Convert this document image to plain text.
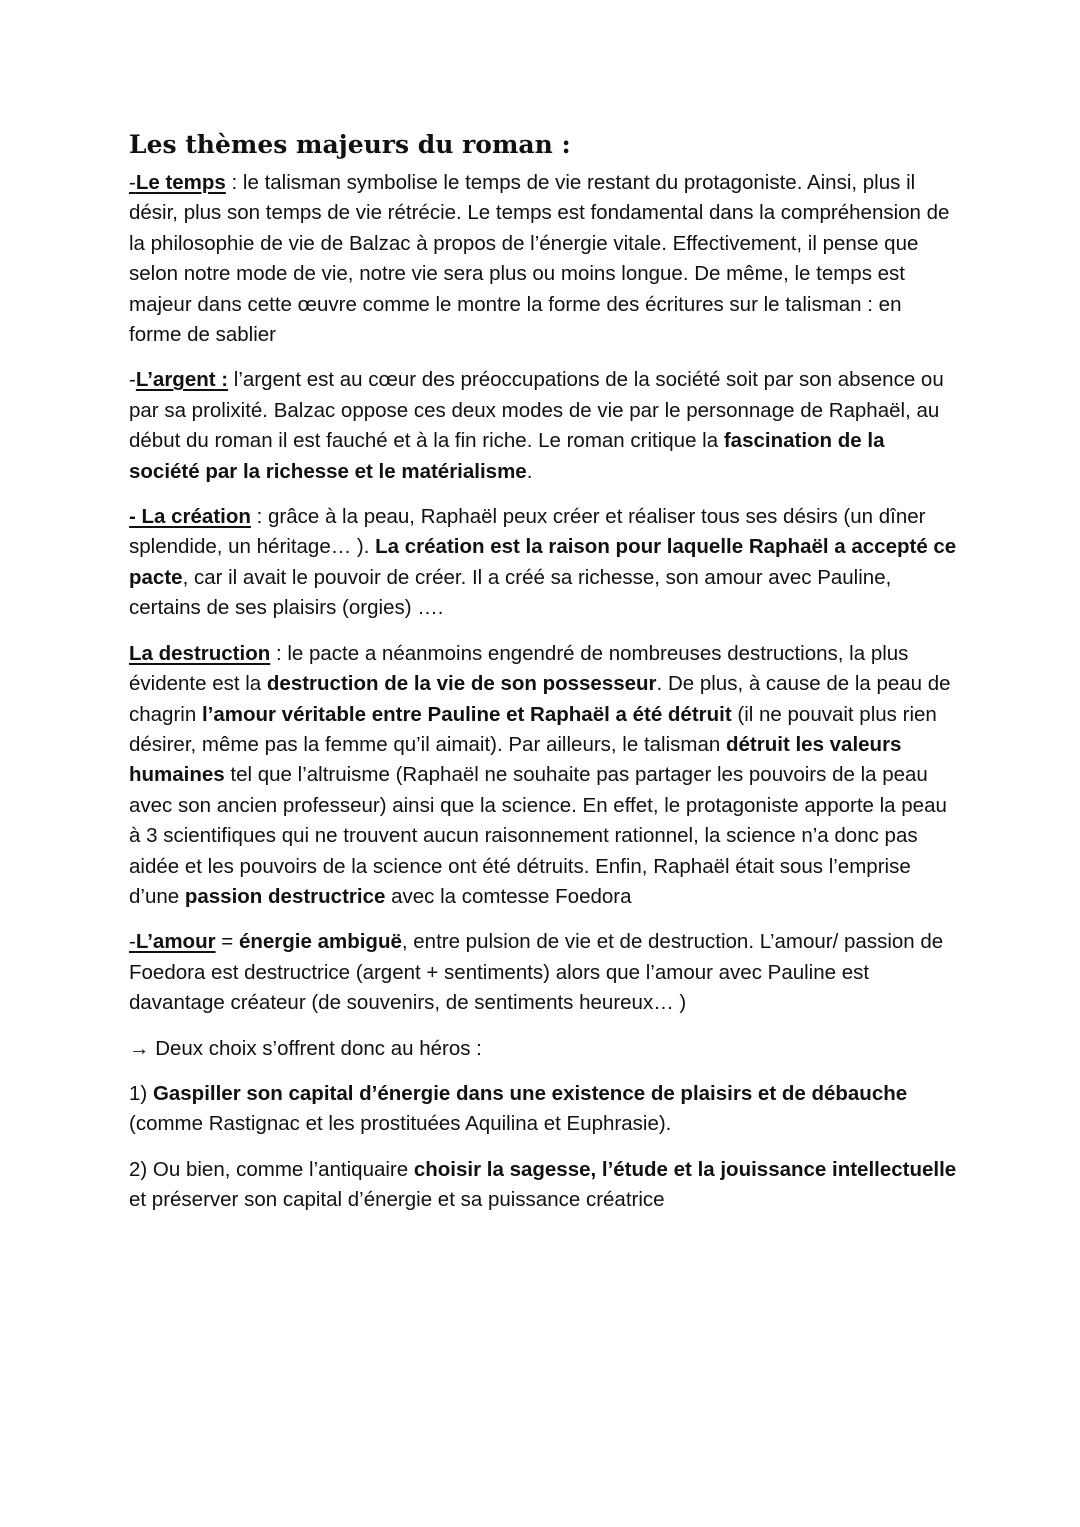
Les thèmes majeurs du roman :

-Le temps : le talisman symbolise le temps de vie restant du protagoniste. Ainsi, plus il désir, plus son temps de vie rétrécie. Le temps est fondamental dans la compréhension de la philosophie de vie de Balzac à propos de l’énergie vitale. Effectivement, il pense que selon notre mode de vie, notre vie sera plus ou moins longue. De même, le temps est majeur dans cette œuvre comme le montre la forme des écritures sur le talisman : en forme de sablier

-L’argent : l’argent est au cœur des préoccupations de la société soit par son absence ou par sa prolixité. Balzac oppose ces deux modes de vie par le personnage de Raphaël, au début du roman il est fauché et à la fin riche. Le roman critique la fascination de la société par la richesse et le matérialisme.

- La création : grâce à la peau, Raphaël peux créer et réaliser tous ses désirs (un dîner splendide, un héritage… ). La création est la raison pour laquelle Raphaël a accepté ce pacte, car il avait le pouvoir de créer. Il a créé sa richesse, son amour avec Pauline, certains de ses plaisirs (orgies) ….

La destruction : le pacte a néanmoins engendré de nombreuses destructions, la plus évidente est la destruction de la vie de son possesseur. De plus, à cause de la peau de chagrin l’amour véritable entre Pauline et Raphaël a été détruit (il ne pouvait plus rien désirer, même pas la femme qu’il aimait). Par ailleurs, le talisman détruit les valeurs humaines tel que l’altruisme (Raphaël ne souhaite pas partager les pouvoirs de la peau avec son ancien professeur) ainsi que la science. En effet, le protagoniste apporte la peau à 3 scientifiques qui ne trouvent aucun raisonnement rationnel, la science n’a donc pas aidée et les pouvoirs de la science ont été détruits. Enfin, Raphaël était sous l’emprise d’une passion destructrice avec la comtesse Foedora

-L’amour = énergie ambiguë, entre pulsion de vie et de destruction. L’amour/ passion de Foedora est destructrice (argent + sentiments) alors que l’amour avec Pauline est davantage créateur (de souvenirs, de sentiments heureux… )

→ Deux choix s’offrent donc au héros :

1) Gaspiller son capital d’énergie dans une existence de plaisirs et de débauche (comme Rastignac et les prostituées Aquilina et Euphrasie).

2) Ou bien, comme l’antiquaire choisir la sagesse, l’étude et la jouissance intellectuelle et préserver son capital d’énergie et sa puissance créatrice
